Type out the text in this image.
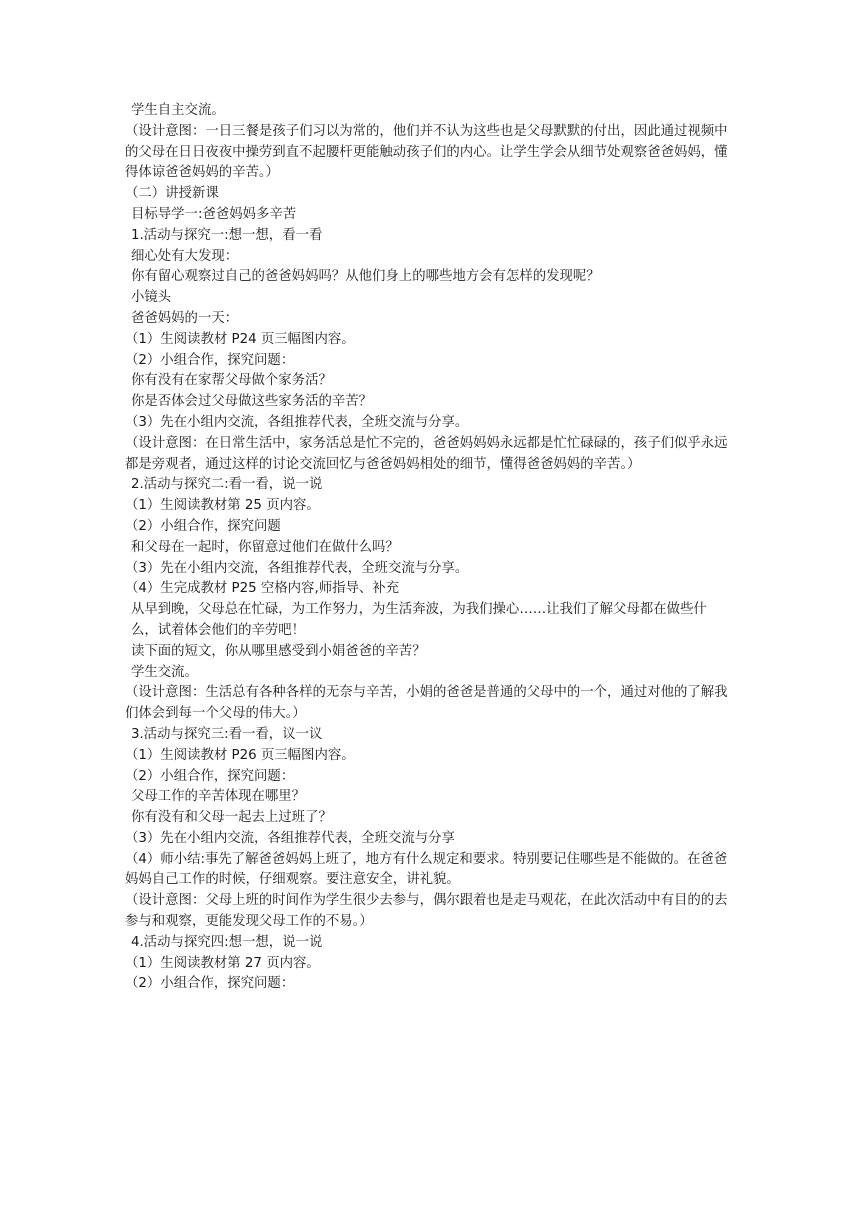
学生自主交流。

（设计意图：一日三餐是孩子们习以为常的，他们并不认为这些也是父母默默的付出，因此通过视频中的父母在日日夜夜中操劳到直不起腰杆更能触动孩子们的内心。让学生学会从细节处观察爸爸妈妈，懂得体谅爸爸妈妈的辛苦。）

（二）讲授新课

目标导学一:爸爸妈妈多辛苦

1.活动与探究一:想一想，看一看

细心处有大发现：

你有留心观察过自己的爸爸妈妈吗？从他们身上的哪些地方会有怎样的发现呢？

小镜头

爸爸妈妈的一天：

（1）生阅读教材 P24 页三幅图内容。

（2）小组合作，探究问题：

你有没有在家帮父母做个家务活？

你是否体会过父母做这些家务活的辛苦？

（3）先在小组内交流，各组推荐代表，全班交流与分享。

（设计意图：在日常生活中，家务活总是忙不完的，爸爸妈妈妈永远都是忙忙碌碌的，孩子们似乎永远都是旁观者，通过这样的讨论交流回忆与爸爸妈妈相处的细节，懂得爸爸妈妈的辛苦。）

2.活动与探究二:看一看，说一说

（1）生阅读教材第 25 页内容。

（2）小组合作，探究问题

和父母在一起时，你留意过他们在做什么吗？

（3）先在小组内交流，各组推荐代表，全班交流与分享。

（4）生完成教材 P25 空格内容,师指导、补充

从早到晚，父母总在忙碌，为工作努力，为生活奔波，为我们操心……让我们了解父母都在做些什么，试着体会他们的辛劳吧！

读下面的短文，你从哪里感受到小娟爸爸的辛苦？

学生交流。

（设计意图：生活总有各种各样的无奈与辛苦，小娟的爸爸是普通的父母中的一个，通过对他的了解我们体会到每一个父母的伟大。）

3.活动与探究三:看一看，议一议

（1）生阅读教材 P26 页三幅图内容。

（2）小组合作，探究问题：

父母工作的辛苦体现在哪里？

你有没有和父母一起去上过班了？

（3）先在小组内交流，各组推荐代表，全班交流与分享

（4）师小结:事先了解爸爸妈妈上班了，地方有什么规定和要求。特别要记住哪些是不能做的。在爸爸妈妈自己工作的时候，仔细观察。要注意安全，讲礼貌。

（设计意图：父母上班的时间作为学生很少去参与，偶尔跟着也是走马观花，在此次活动中有目的的去参与和观察，更能发现父母工作的不易。）

4.活动与探究四:想一想，说一说

（1）生阅读教材第 27 页内容。

（2）小组合作，探究问题：
